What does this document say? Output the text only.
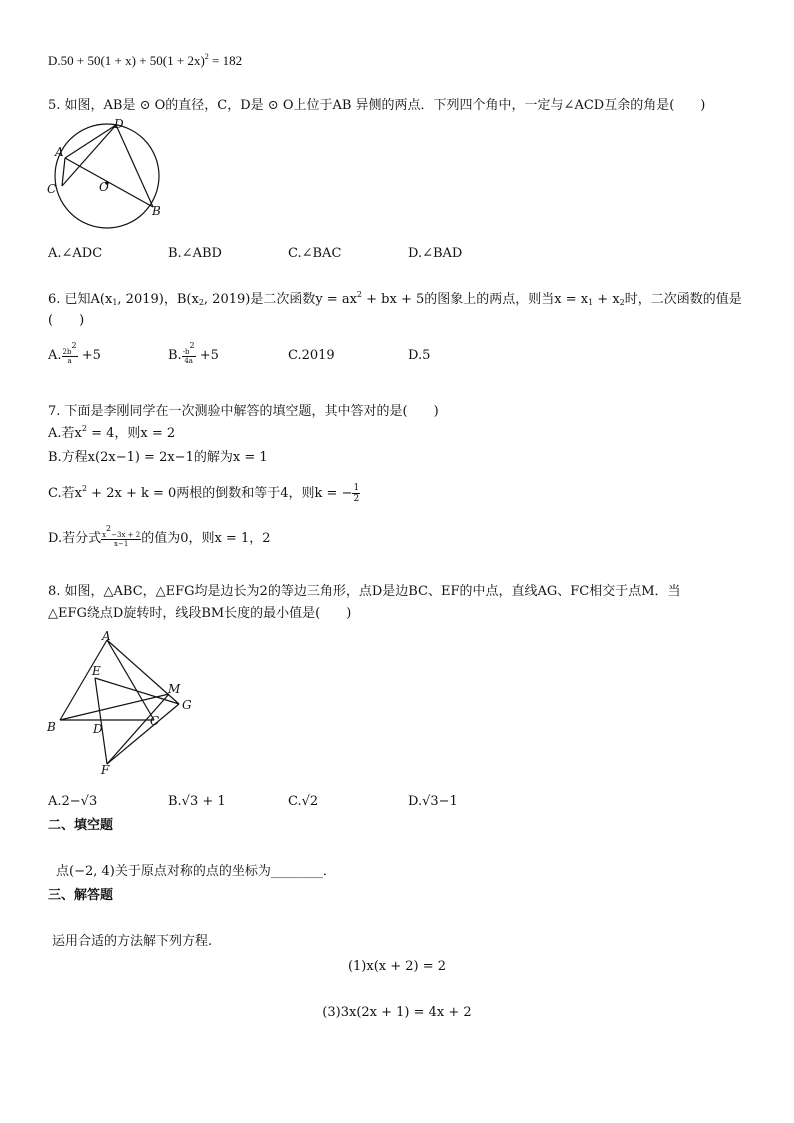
$D.50 + 50(1 + x) + 50(1 + 2x)^2 = 182$
5. 如图，AB是 ⊙ O的直径，C，D是 ⊙ O上位于AB 异侧的两点．下列四个角中，一定与∠ACD互余的角是(　　)
D
A
C	O
B
A.∠ADC	B.∠ABD	C.∠BAC	D.∠BAD
6. 已知$A(x_1$, 2019)，$B(x_2$, 2019)是二次函数$y = ax^2$ + bx + 5的图象上的两点，则当$x = x_1 + x_2$时，二次函数的值是
(　　)
A. $\frac{2b^2}{a} +5$	B. $\frac{-b^2}{4a} +5$	C.2019	D.5
7. 下面是李刚同学在一次测验中解答的填空题，其中答对的是(　　)
A.若$x^2 = 4$，则x = 2
B.方程x(2x−1) = 2x−1的解为x = 1
C.若$x^2 + 2x + k = 0$两根的倒数和等于4，则k = − $\frac{1}{2}$
D.若分式 $\frac{x^2-3x + 2}{x-1}$ 的值为0，则x = 1，2
8. 如图，△ABC，△EFG均是边长为2的等边三角形，点D是边BC、EF的中点，直线AG、FC相交于点M．当
△EFG绕点D旋转时，线段BM长度的最小值是(　　)
A
E
M
G
B	D
C
F
A.2−√3	B.√3 + 1	C.√2	D.√3−1
二、填空题
点(−2, 4)关于原点对称的点的坐标为________．
三、解答题
运用合适的方法解下列方程.
(1)x(x + 2) = 2
(3)3x(2x + 1) = 4x + 2
